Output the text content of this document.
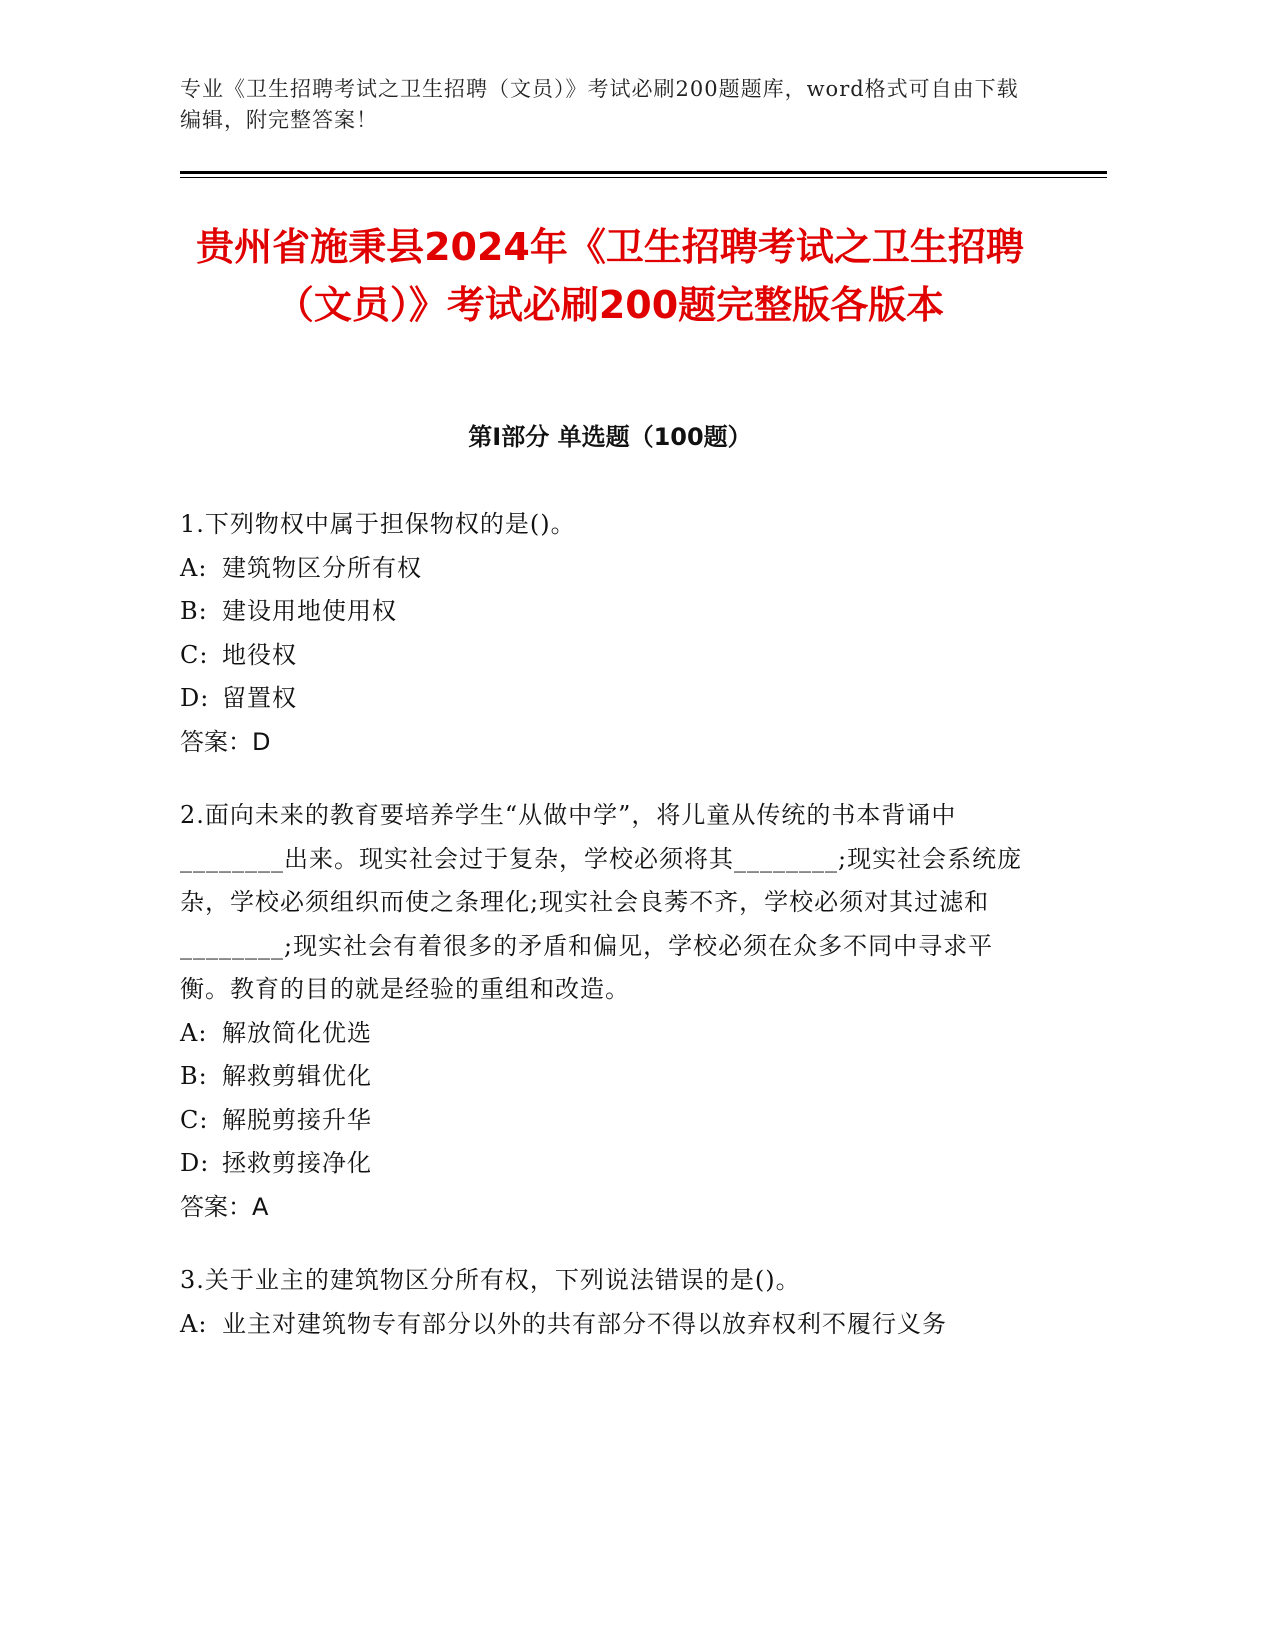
专业《卫生招聘考试之卫生招聘（文员）》考试必刷200题题库，word格式可自由下载编辑，附完整答案！
贵州省施秉县2024年《卫生招聘考试之卫生招聘（文员）》考试必刷200题完整版各版本
第Ⅰ部分 单选题（100题）

1.下列物权中属于担保物权的是()。

A: 建筑物区分所有权

B: 建设用地使用权

C: 地役权

D: 留置权

答案：D

2.面向未来的教育要培养学生“从做中学”，将儿童从传统的书本背诵中________出来。现实社会过于复杂，学校必须将其________;现实社会系统庞杂，学校必须组织而使之条理化;现实社会良莠不齐，学校必须对其过滤和________;现实社会有着很多的矛盾和偏见，学校必须在众多不同中寻求平衡。教育的目的就是经验的重组和改造。

A: 解放简化优选

B: 解救剪辑优化

C: 解脱剪接升华

D: 拯救剪接净化

答案：A

3.关于业主的建筑物区分所有权，下列说法错误的是()。

A: 业主对建筑物专有部分以外的共有部分不得以放弃权利不履行义务
